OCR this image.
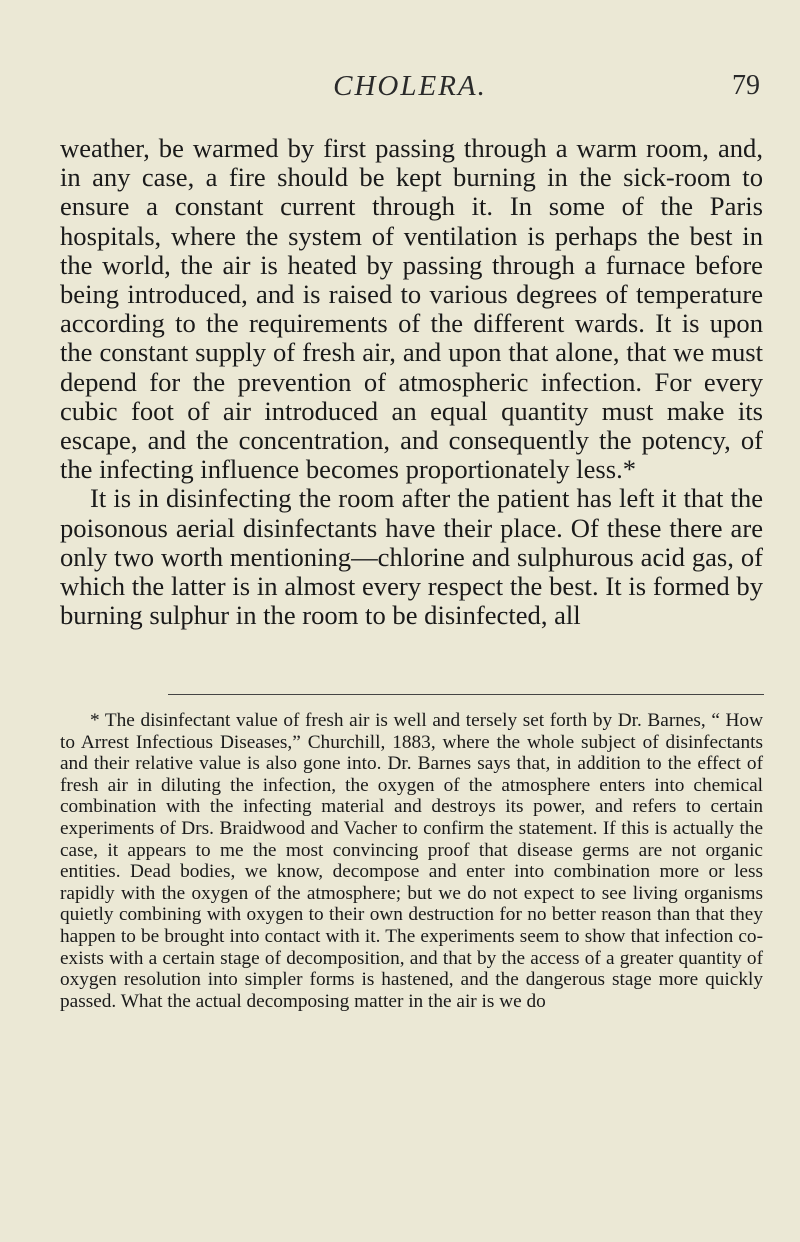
CHOLERA.	79

weather, be warmed by first passing through a warm room, and, in any case, a fire should be kept burning in the sick-room to ensure a constant current through it. In some of the Paris hospitals, where the system of ventilation is perhaps the best in the world, the air is heated by passing through a furnace before being introduced, and is raised to various degrees of temperature according to the requirements of the different wards. It is upon the constant supply of fresh air, and upon that alone, that we must depend for the prevention of atmospheric infection. For every cubic foot of air introduced an equal quantity must make its escape, and the concentration, and consequently the potency, of the infecting influence becomes proportionately less.*

It is in disinfecting the room after the patient has left it that the poisonous aerial disinfectants have their place. Of these there are only two worth mentioning—chlorine and sulphurous acid gas, of which the latter is in almost every respect the best. It is formed by burning sulphur in the room to be disinfected, all

* The disinfectant value of fresh air is well and tersely set forth by Dr. Barnes, “ How to Arrest Infectious Diseases,” Churchill, 1883, where the whole subject of disinfectants and their relative value is also gone into. Dr. Barnes says that, in addition to the effect of fresh air in diluting the infection, the oxygen of the atmosphere enters into chemical combination with the infecting material and destroys its power, and refers to certain experiments of Drs. Braidwood and Vacher to confirm the statement. If this is actually the case, it appears to me the most convincing proof that disease germs are not organic entities. Dead bodies, we know, decompose and enter into combination more or less rapidly with the oxygen of the atmosphere; but we do not expect to see living organisms quietly combining with oxygen to their own destruction for no better reason than that they happen to be brought into contact with it. The experiments seem to show that infection co-exists with a certain stage of decomposition, and that by the access of a greater quantity of oxygen resolution into simpler forms is hastened, and the dangerous stage more quickly passed. What the actual decomposing matter in the air is we do
